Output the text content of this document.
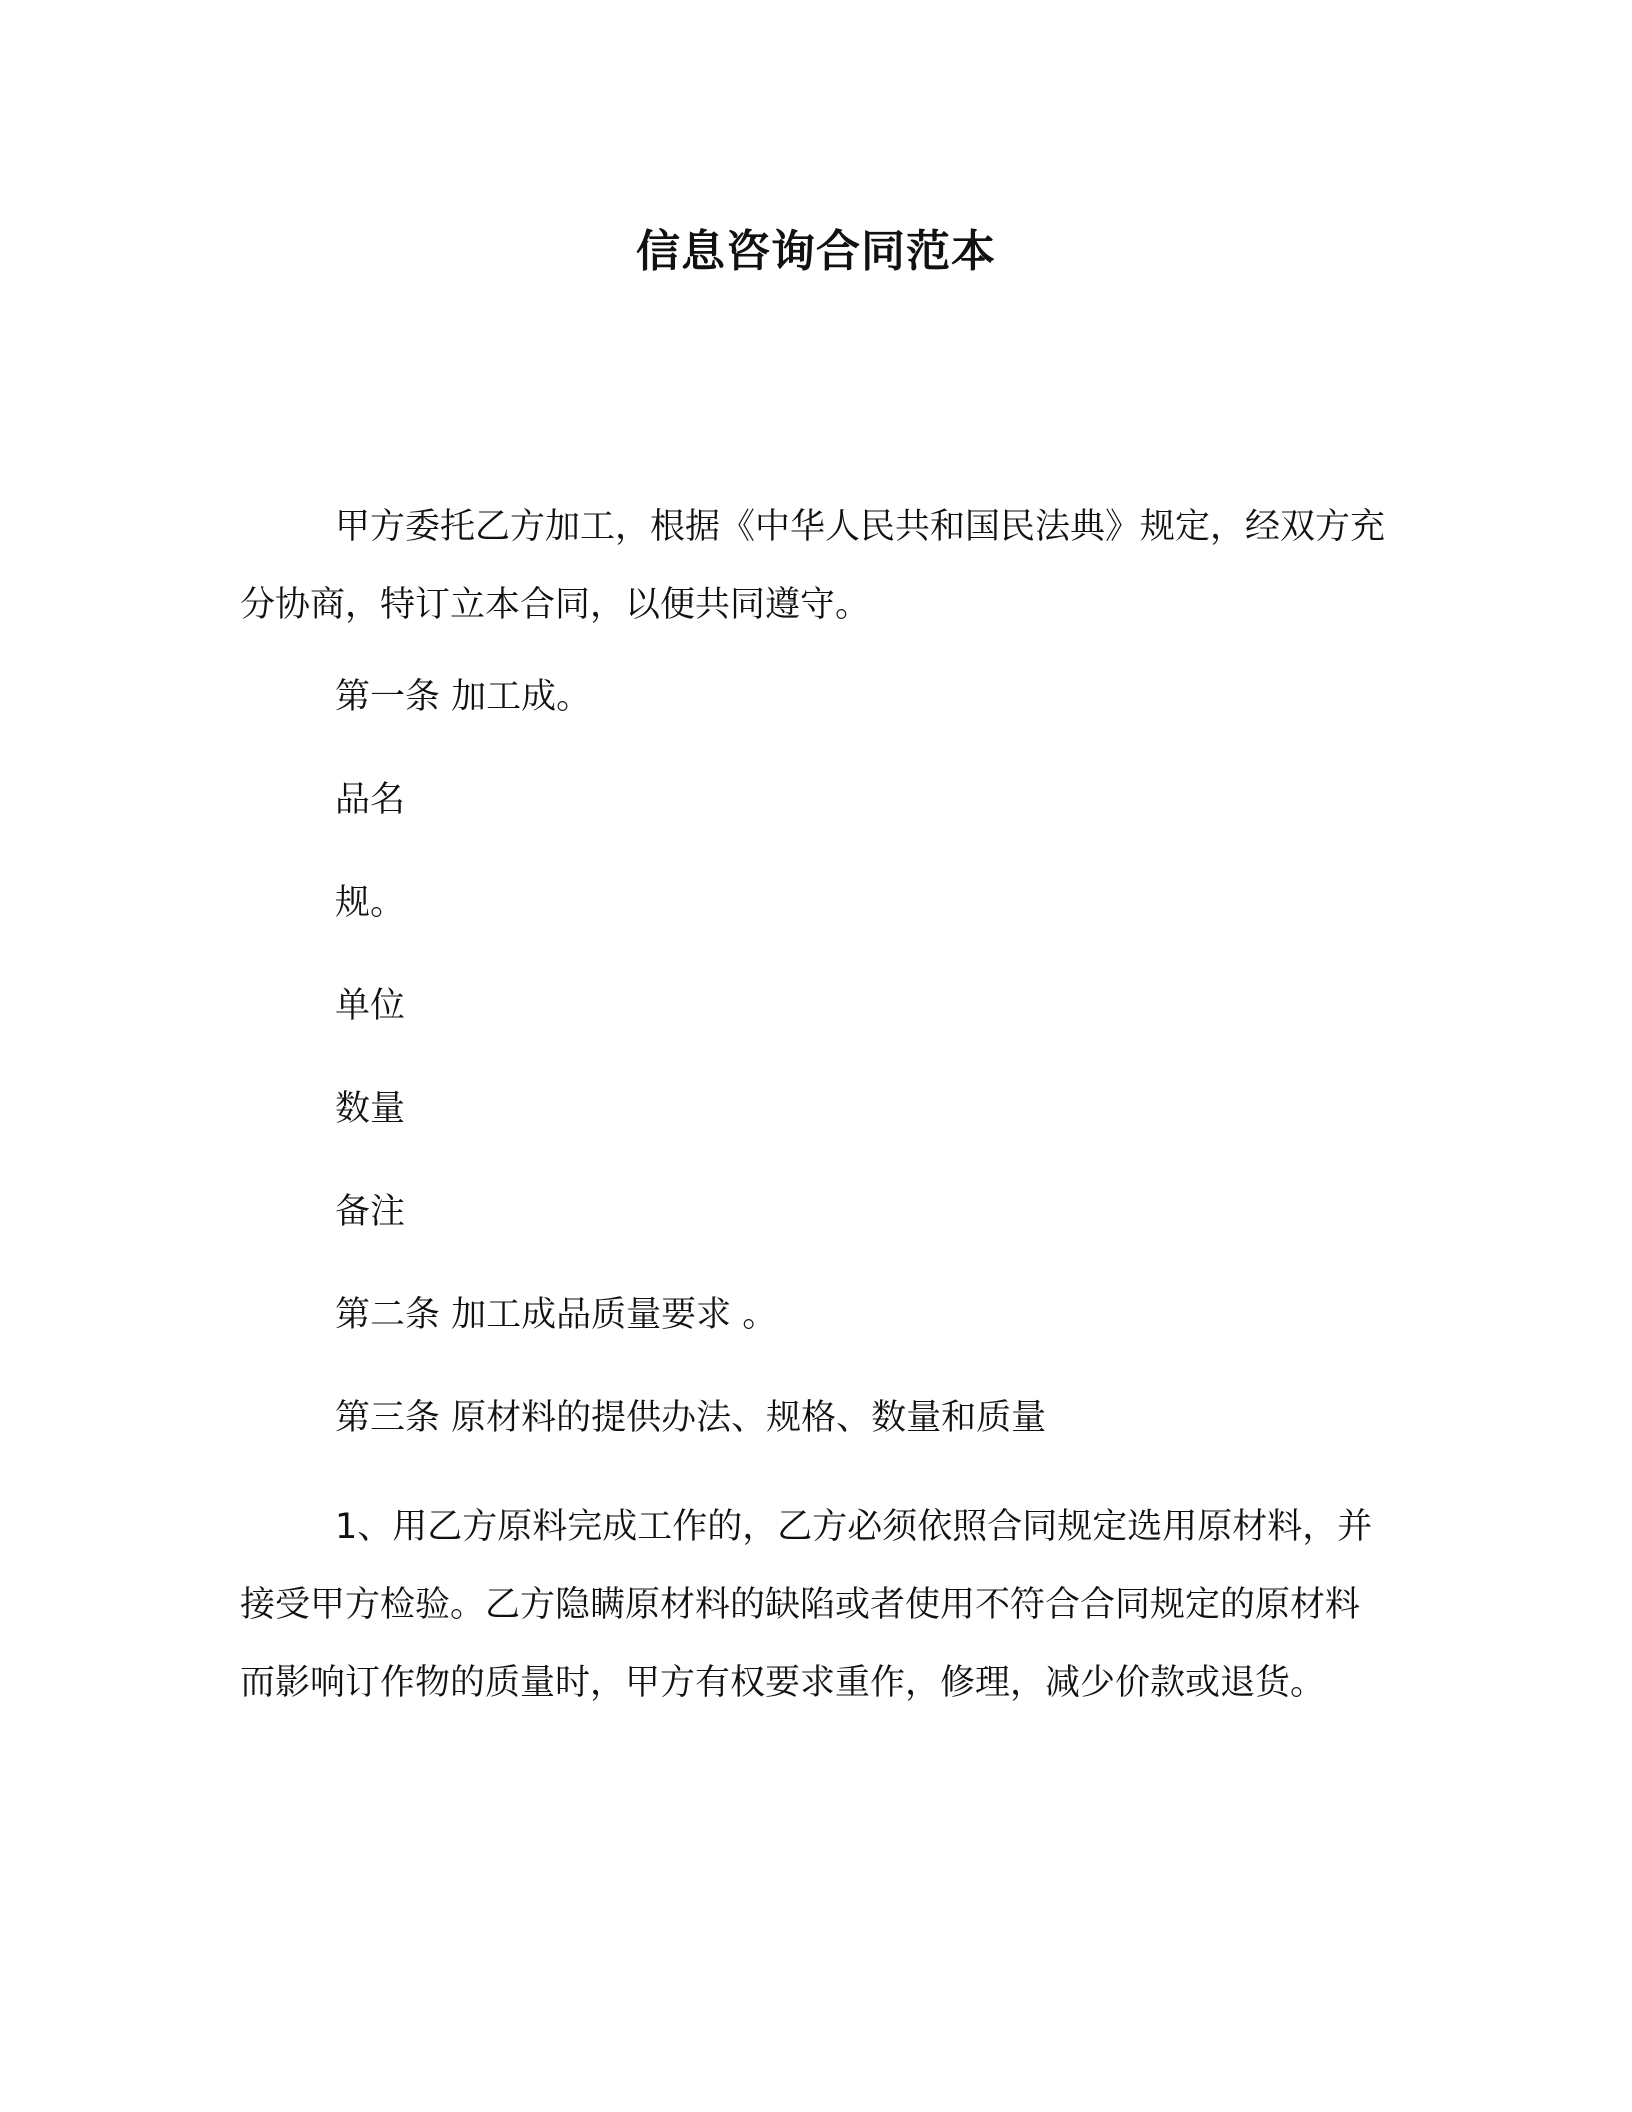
信息咨询合同范本

甲方委托乙方加工，根据《中华人民共和国民法典》规定，经双方充分协商，特订立本合同，以便共同遵守。

第一条 加工成。
品名
规。
单位
数量
备注
第二条 加工成品质量要求 。
第三条 原材料的提供办法、规格、数量和质量

1、用乙方原料完成工作的，乙方必须依照合同规定选用原材料，并接受甲方检验。乙方隐瞒原材料的缺陷或者使用不符合合同规定的原材料而影响订作物的质量时，甲方有权要求重作，修理，减少价款或退货。
